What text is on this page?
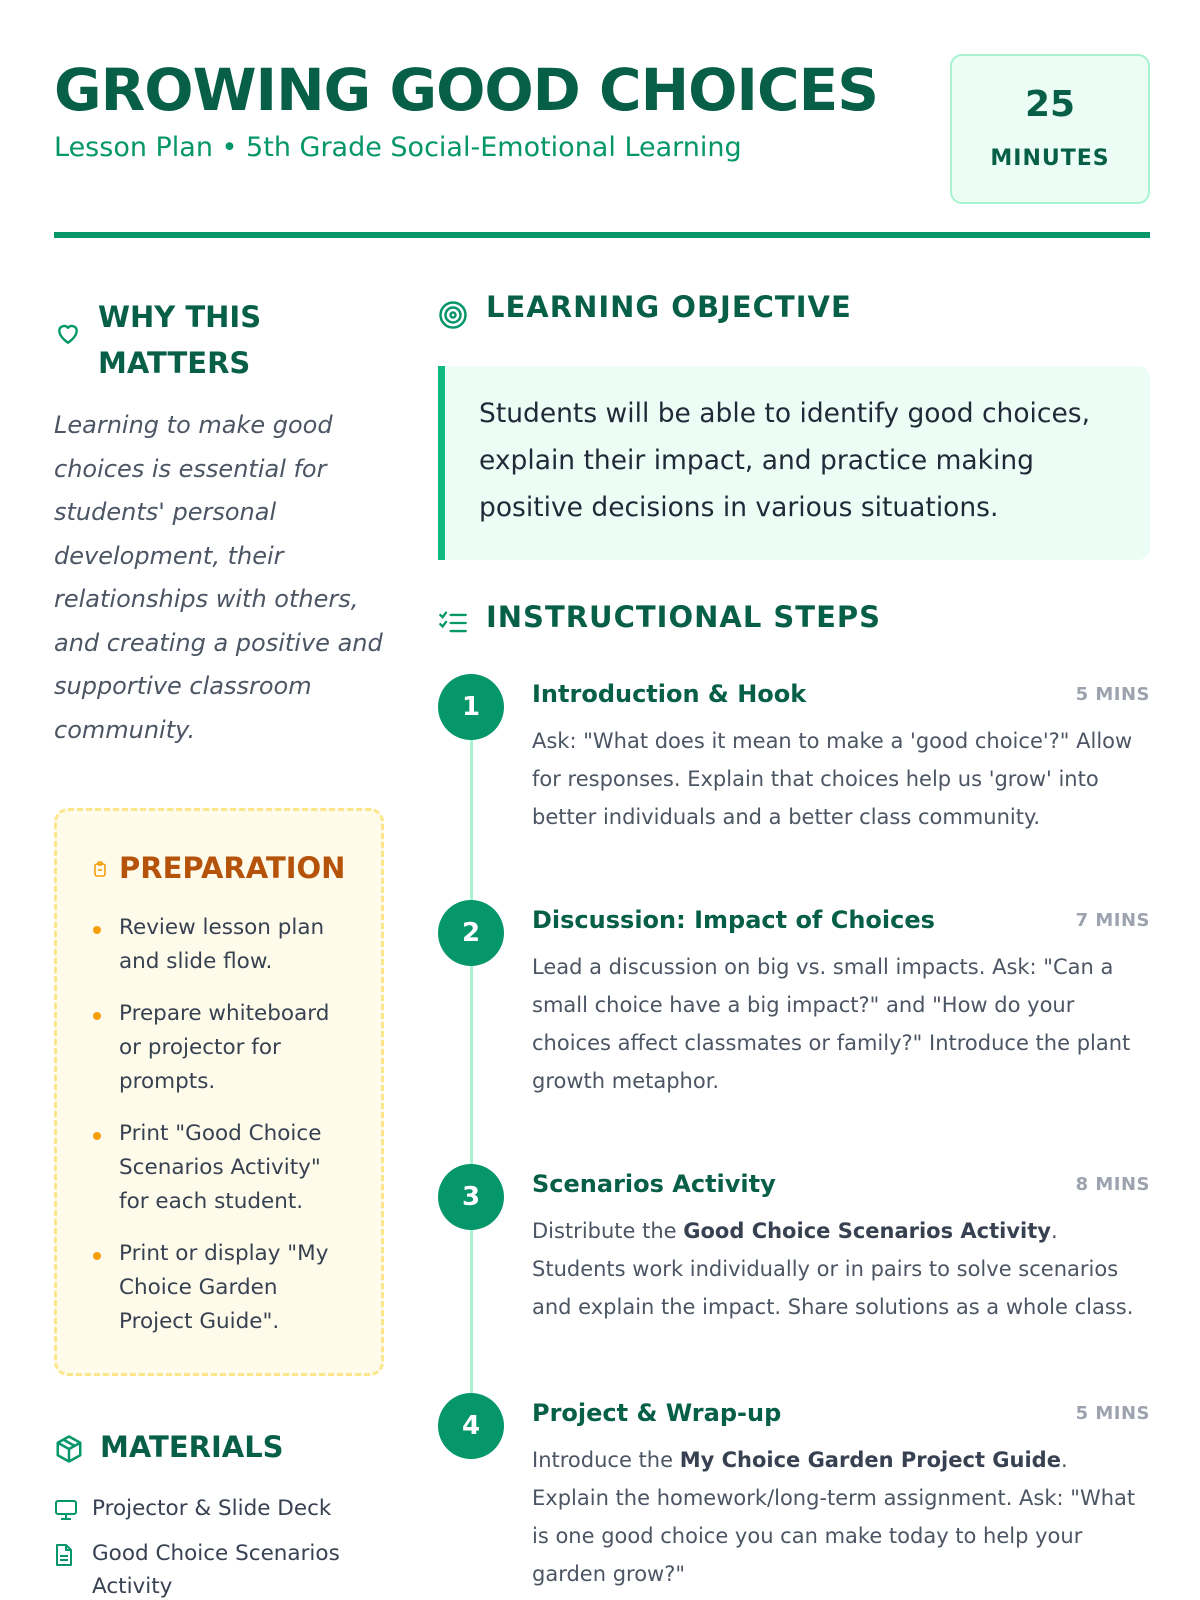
GROWING GOOD CHOICES
Lesson Plan • 5th Grade Social-Emotional Learning
25
MINUTES
WHY THIS MATTERS
Learning to make good choices is essential for students' personal development, their relationships with others, and creating a positive and supportive classroom community.
PREPARATION
Review lesson plan and slide flow.
Prepare whiteboard or projector for prompts.
Print "Good Choice Scenarios Activity" for each student.
Print or display "My Choice Garden Project Guide".
MATERIALS
Projector & Slide Deck
Good Choice Scenarios Activity
LEARNING OBJECTIVE
Students will be able to identify good choices, explain their impact, and practice making positive decisions in various situations.
INSTRUCTIONAL STEPS
1	Introduction & Hook	5 MINS
Ask: "What does it mean to make a 'good choice'?" Allow for responses. Explain that choices help us 'grow' into better individuals and a better class community.
2	Discussion: Impact of Choices	7 MINS
Lead a discussion on big vs. small impacts. Ask: "Can a small choice have a big impact?" and "How do your choices affect classmates or family?" Introduce the plant growth metaphor.
3	Scenarios Activity	8 MINS
Distribute the Good Choice Scenarios Activity. Students work individually or in pairs to solve scenarios and explain the impact. Share solutions as a whole class.
4	Project & Wrap-up	5 MINS
Introduce the My Choice Garden Project Guide. Explain the homework/long-term assignment. Ask: "What is one good choice you can make today to help your garden grow?"
